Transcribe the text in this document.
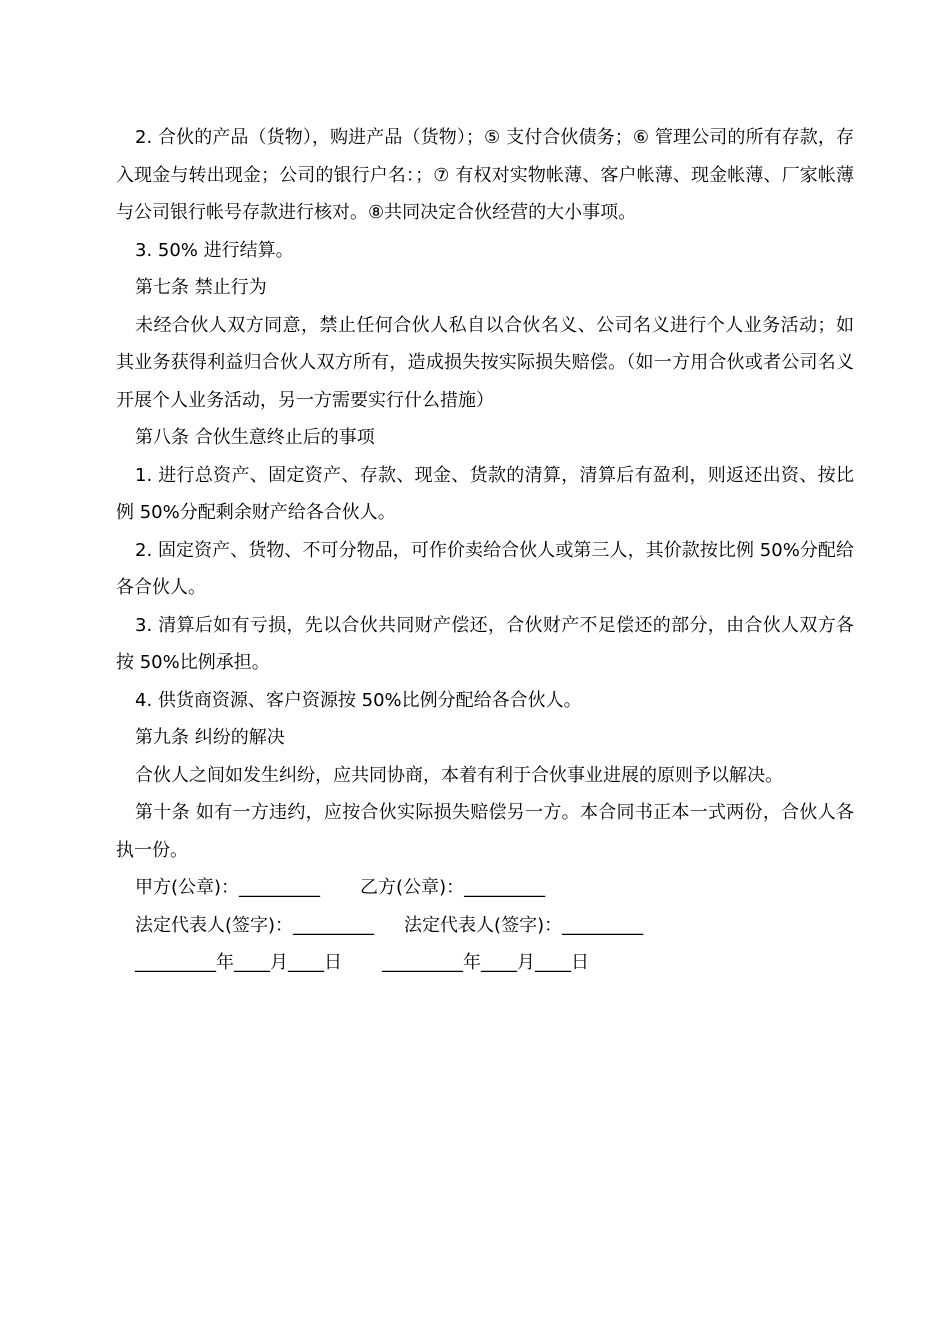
2. 合伙的产品（货物），购进产品（货物）；⑤ 支付合伙债务；⑥ 管理公司的所有存款，存入现金与转出现金；公司的银行户名：；⑦ 有权对实物帐薄、客户帐薄、现金帐薄、厂家帐薄与公司银行帐号存款进行核对。⑧共同决定合伙经营的大小事项。

3. 50% 进行结算。

第七条 禁止行为

未经合伙人双方同意，禁止任何合伙人私自以合伙名义、公司名义进行个人业务活动；如其业务获得利益归合伙人双方所有，造成损失按实际损失赔偿。（如一方用合伙或者公司名义开展个人业务活动，另一方需要实行什么措施）

第八条 合伙生意终止后的事项

1. 进行总资产、固定资产、存款、现金、货款的清算，清算后有盈利，则返还出资、按比例 50%分配剩余财产给各合伙人。

2. 固定资产、货物、不可分物品，可作价卖给合伙人或第三人，其价款按比例 50%分配给各合伙人。

3. 清算后如有亏损，先以合伙共同财产偿还，合伙财产不足偿还的部分，由合伙人双方各按 50%比例承担。

4. 供货商资源、客户资源按 50%比例分配给各合伙人。

第九条 纠纷的解决

合伙人之间如发生纠纷，应共同协商，本着有利于合伙事业进展的原则予以解决。

第十条 如有一方违约，应按合伙实际损失赔偿另一方。本合同书正本一式两份，合伙人各执一份。

甲方(公章)：_________ 乙方(公章)：_________
法定代表人(签字)：_________ 法定代表人(签字)：_________
_________年____月____日 _________年____月____日
